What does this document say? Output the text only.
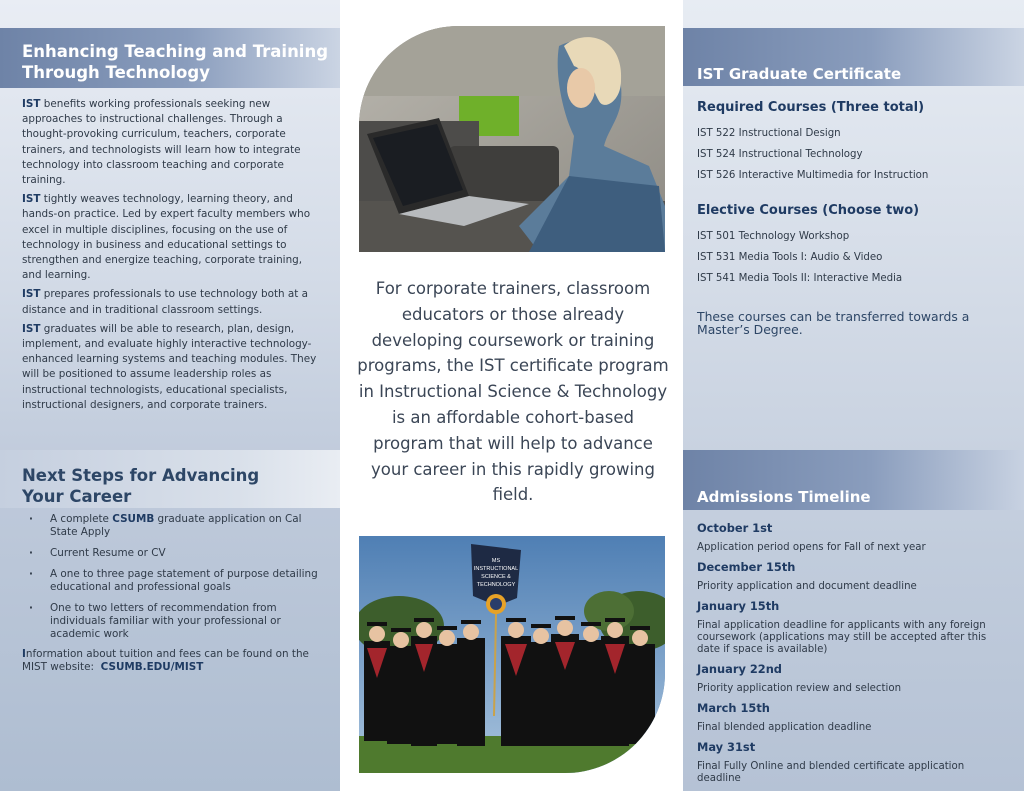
Enhancing Teaching and Training
Through Technology

IST benefits working professionals seeking new approaches to instructional challenges. Through a thought-provoking curriculum, teachers, corporate trainers, and technologists will learn how to integrate technology into classroom teaching and corporate training.

IST tightly weaves technology, learning theory, and hands-on practice. Led by expert faculty members who excel in multiple disciplines, focusing on the use of technology in business and educational settings to strengthen and energize teaching, corporate training, and learning.

IST prepares professionals to use technology both at a distance and in traditional classroom settings.

IST graduates will be able to research, plan, design, implement, and evaluate highly interactive technology-enhanced learning systems and teaching modules. They will be positioned to assume leadership roles as instructional technologists, educational specialists, instructional designers, and corporate trainers.

Next Steps for Advancing
Your Career
· A complete CSUMB graduate application on Cal State Apply
· Current Resume or CV
· A one to three page statement of purpose detailing educational and professional goals
· One to two letters of recommendation from individuals familiar with your professional or academic work

Information about tuition and fees can be found on the MIST website: CSUMB.EDU/MIST

For corporate trainers, classroom educators or those already developing coursework or training programs, the IST certificate program in Instructional Science & Technology is an affordable cohort-based program that will help to advance your career in this rapidly growing field.
MS
INSTRUCTIONAL
SCIENCE &
TECHNOLOGY
IST Graduate Certificate
Required Courses (Three total)
IST 522 Instructional Design
IST 524 Instructional Technology
IST 526 Interactive Multimedia for Instruction
Elective Courses (Choose two)
IST 501 Technology Workshop
IST 531 Media Tools I: Audio & Video
IST 541 Media Tools II: Interactive Media

These courses can be transferred towards a Master’s Degree.

Admissions Timeline
October 1st
Application period opens for Fall of next year
December 15th
Priority application and document deadline
January 15th
Final application deadline for applicants with any foreign coursework (applications may still be accepted after this date if space is available)
January 22nd
Priority application review and selection
March 15th
Final blended application deadline
May 31st
Final Fully Online and blended certificate application deadline
